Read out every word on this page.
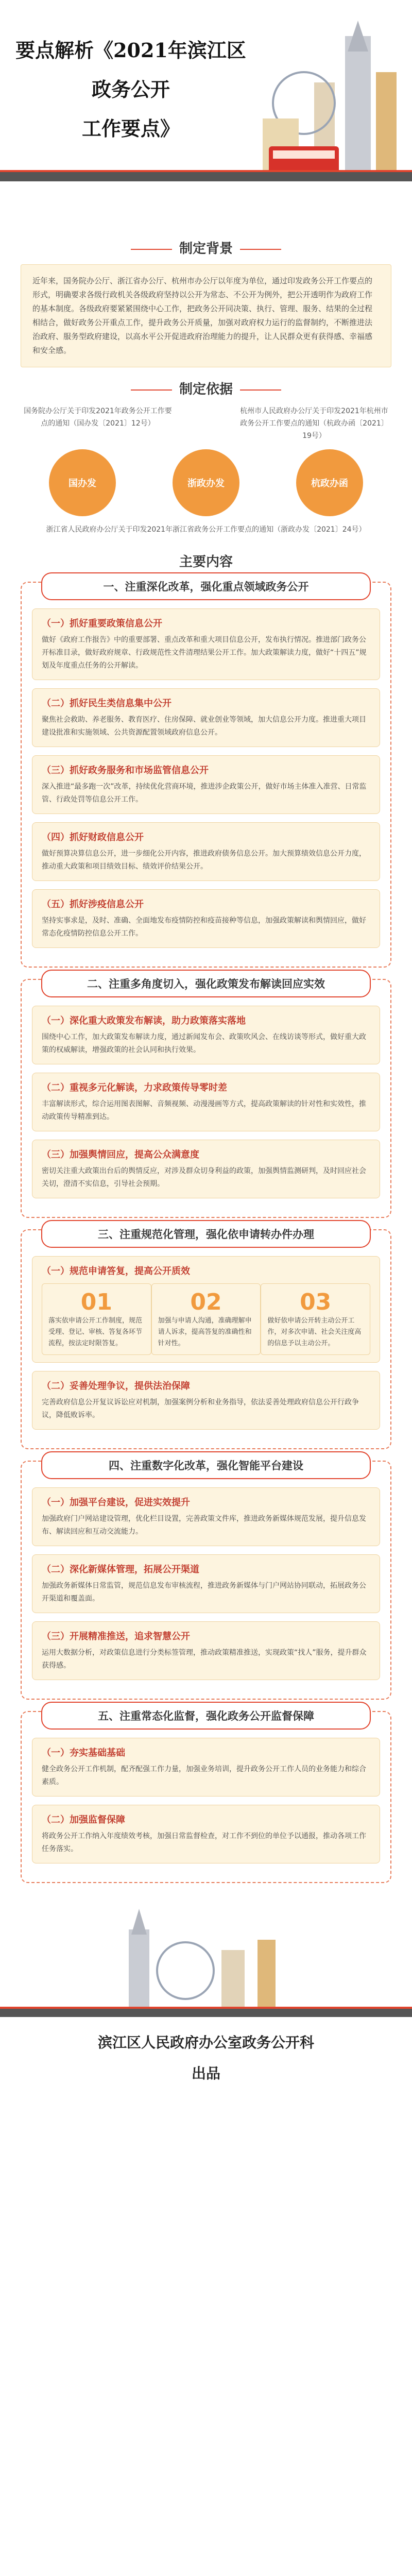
要点解析《2021年滨江区政务公开
工作要点》
制定背景
近年来，国务院办公厅、浙江省办公厅、杭州市办公厅以年度为单位，通过印发政务公开工作要点的形式，明确要求各级行政机关各级政府坚持以公开为常态、不公开为例外，把公开透明作为政府工作的基本制度。各级政府要紧紧围绕中心工作，把政务公开同决策、执行、管理、服务、结果的全过程相结合，做好政务公开重点工作，提升政务公开质量，加强对政府权力运行的监督制约，不断推进法治政府、服务型政府建设，以高水平公开促进政府治理能力的提升，让人民群众更有获得感、幸福感和安全感。
制定依据
国务院办公厅关于印发2021年政务公开工作要点的通知（国办发〔2021〕12号）
杭州市人民政府办公厅关于印发2021年杭州市政务公开工作要点的通知（杭政办函〔2021〕19号）
国办发	浙政办发	杭政办函
浙江省人民政府办公厅关于印发2021年浙江省政务公开工作要点的通知（浙政办发〔2021〕24号）
主要内容
一、注重深化改革，强化重点领域政务公开
（一）抓好重要政策信息公开

做好《政府工作报告》中的重要部署、重点改革和重大项目信息公开，发布执行情况。推进部门政务公开标准目录，做好政府规章、行政规范性文件清理结果公开工作。加大政策解读力度，做好“十四五”规划及年度重点任务的公开解读。

（二）抓好民生类信息集中公开

聚焦社会救助、养老服务、教育医疗、住房保障、就业创业等领域，加大信息公开力度。推进重大项目建设批准和实施领域、公共资源配置领域政府信息公开。

（三）抓好政务服务和市场监管信息公开

深入推进“最多跑一次”改革，持续优化营商环境，推进涉企政策公开，做好市场主体准入准营、日常监管、行政处罚等信息公开工作。

（四）抓好财政信息公开

做好预算决算信息公开，进一步细化公开内容，推进政府债务信息公开。加大预算绩效信息公开力度，推动重大政策和项目绩效目标、绩效评价结果公开。

（五）抓好涉疫信息公开

坚持实事求是，及时、准确、全面地发布疫情防控和疫苗接种等信息，加强政策解读和舆情回应，做好常态化疫情防控信息公开工作。

二、注重多角度切入，强化政策发布解读回应实效
（一）深化重大政策发布解读，助力政策落实落地

围绕中心工作，加大政策发布解读力度，通过新闻发布会、政策吹风会、在线访谈等形式，做好重大政策的权威解读，增强政策的社会认同和执行效果。

（二）重视多元化解读，力求政策传导零时差

丰富解读形式，综合运用图表图解、音频视频、动漫漫画等方式，提高政策解读的针对性和实效性，推动政策传导精准到达。

（三）加强舆情回应，提高公众满意度

密切关注重大政策出台后的舆情反应，对涉及群众切身利益的政策，加强舆情监测研判，及时回应社会关切，澄清不实信息，引导社会预期。

三、注重规范化管理，强化依申请转办件办理
（一）规范申请答复，提高公开质效
01

落实依申请公开工作制度，规范受理、登记、审核、答复各环节流程，按法定时限答复。

02

加强与申请人沟通，准确理解申请人诉求，提高答复的准确性和针对性。

03

做好依申请公开转主动公开工作，对多次申请、社会关注度高的信息予以主动公开。

（二）妥善处理争议，提供法治保障

完善政府信息公开复议诉讼应对机制，加强案例分析和业务指导，依法妥善处理政府信息公开行政争议，降低败诉率。

四、注重数字化改革，强化智能平台建设
（一）加强平台建设，促进实效提升

加强政府门户网站建设管理，优化栏目设置，完善政策文件库，推进政务新媒体规范发展，提升信息发布、解读回应和互动交流能力。

（二）深化新媒体管理，拓展公开渠道

加强政务新媒体日常监管，规范信息发布审核流程，推进政务新媒体与门户网站协同联动，拓展政务公开渠道和覆盖面。

（三）开展精准推送，追求智慧公开

运用大数据分析，对政策信息进行分类标签管理，推动政策精准推送，实现政策“找人”服务，提升群众获得感。

五、注重常态化监督，强化政务公开监督保障
（一）夯实基础基础

健全政务公开工作机制，配齐配强工作力量，加强业务培训，提升政务公开工作人员的业务能力和综合素质。

（二）加强监督保障

将政务公开工作纳入年度绩效考核，加强日常监督检查，对工作不到位的单位予以通报，推动各项工作任务落实。

滨江区人民政府办公室政务公开科
出品
